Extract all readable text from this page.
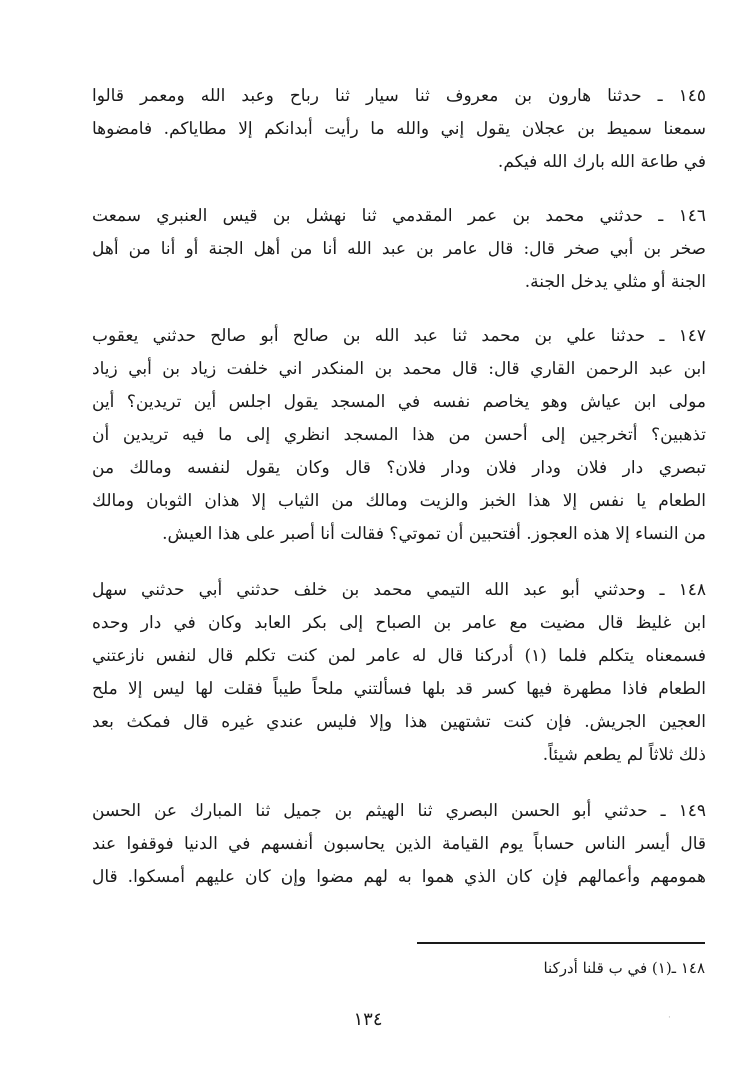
١٤٥ ـ حدثنا هارون بن معروف ثنا سيار ثنا رباح وعبد الله ومعمر قالوا
سمعنا سميط بن عجلان يقول إني والله ما رأيت أبدانكم إلا مطاياكم. فامضوها
في طاعة الله بارك الله فيكم.
١٤٦ ـ حدثني محمد بن عمر المقدمي ثنا نهشل بن قيس العنبري سمعت
صخر بن أبي صخر قال: قال عامر بن عبد الله أنا من أهل الجنة أو أنا من أهل
الجنة أو مثلي يدخل الجنة.
١٤٧ ـ حدثنا علي بن محمد ثنا عبد الله بن صالح أبو صالح حدثني يعقوب
ابن عبد الرحمن القاري قال: قال محمد بن المنكدر اني خلفت زياد بن أبي زياد
مولى ابن عياش وهو يخاصم نفسه في المسجد يقول اجلس أين تريدين؟ أين
تذهبين؟ أتخرجين إلى أحسن من هذا المسجد انظري إلى ما فيه تريدين أن
تبصري دار فلان ودار فلان ودار فلان؟ قال وكان يقول لنفسه ومالك من
الطعام يا نفس إلا هذا الخبز والزيت ومالك من الثياب إلا هذان الثوبان ومالك
من النساء إلا هذه العجوز. أفتحبين أن تموتي؟ فقالت أنا أصبر على هذا العيش.
١٤٨ ـ وحدثني أبو عبد الله التيمي محمد بن خلف حدثني أبي حدثني سهل
ابن غليظ قال مضيت مع عامر بن الصباح إلى بكر العابد وكان في دار وحده
فسمعناه يتكلم فلما (١) أدركنا قال له عامر لمن كنت تكلم قال لنفس نازعتني
الطعام فاذا مطهرة فيها كسر قد بلها فسألتني ملحاً طيباً فقلت لها ليس إلا ملح
العجين الجريش. فإن كنت تشتهين هذا وإلا فليس عندي غيره قال فمكث بعد
ذلك ثلاثاً لم يطعم شيئاً.
١٤٩ ـ حدثني أبو الحسن البصري ثنا الهيثم بن جميل ثنا المبارك عن الحسن
قال أيسر الناس حساباً يوم القيامة الذين يحاسبون أنفسهم في الدنيا فوقفوا عند
همومهم وأعمالهم فإن كان الذي هموا به لهم مضوا وإن كان عليهم أمسكوا. قال
١٤٨ ـ(١) في ب قلنا أدركنا
١٣٤	·
